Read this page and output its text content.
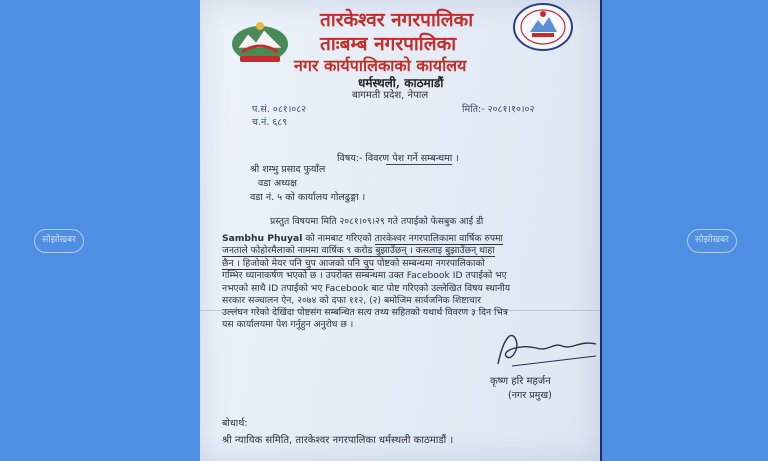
सोझोखबर	सोझोखबर
तारकेश्वर नगरपालिका
ताःबम्ब नगरपालिका
नगर कार्यपालिकाको कार्यालय
धर्मस्थली, काठमाडौं
बागमती प्रदेश, नेपाल
प.सं. ०८१।०८२
च.नं. ६८९
मिति:- २०८१।१०।०२
श्री शम्भु प्रसाद फुयाँल
विषय:- विवरण पेश गर्ने सम्बन्धमा ।
वडा अध्यक्ष
वडा नं. ५ को कार्यालय गोलढुङ्गा ।
प्रस्तुत विषयमा मिति २०८१।०९।२९ गते तपाईको फेसबुक आई डी
Sambhu Phuyal को नामबाट गरिएको तारकेश्वर नगरपालिकामा वार्षिक रुपमा
जनताले फोहोरमैलाको नाममा वार्षिक ९ करोड बुझाउँछन् । कसलाइ बुझाउँछन् थाहा
छैन । हिजोको मेयर पनि चुप आजको पनि चुप पोष्टको सम्बन्धमा नगरपालिकाको
गम्भिर ध्यानाकर्षण भएको छ । उपरोक्त सम्बन्धमा उक्त Facebook ID तपाईको भए
नभएको साथै ID तपाईको भए Facebook बाट पोष्ट गरिएको उल्लेखित विषय स्थानीय
सरकार सञ्चालन ऐन, २०७४ को दफा ११२, (२) बमोजिम सार्वजनिक शिष्टाचार
उल्लंघन गरेको देखिंदा पोष्टसंग सम्बन्धित सत्य तथ्य सहितको यथार्थ विवरण ३ दिन भित्र
यस कार्यालयमा पेश गर्नुहुन अनुरोध छ ।
कृष्ण हरि महर्जन
(नगर प्रमुख)
बोधार्थ:
श्री न्यायिक समिति, तारकेश्वर नगरपालिका धर्मस्थली काठमाडौं ।
